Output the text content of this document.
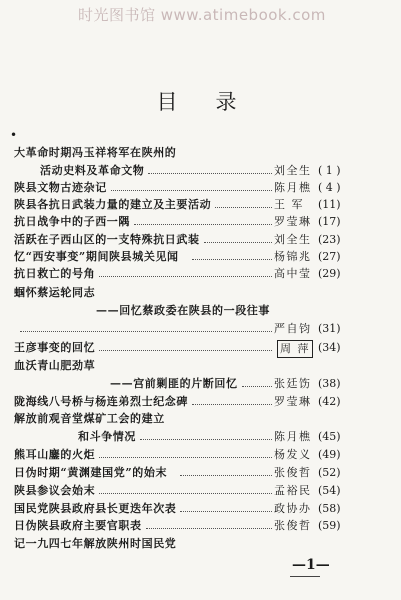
时光图书馆 www.atimebook.com
目录
•
大革命时期冯玉祥将军在陕州的
活动史料及革命文物	刘全生 ( 1 )
陕县文物古迹杂记	陈月樵 ( 4 )
陕县各抗日武装力量的建立及主要活动	王 军 (11)
抗日战争中的子西一隅	罗莹琳 (17)
活跃在子西山区的一支特殊抗日武装	刘全生 (23)
忆“西安事变”期间陕县城关见闻	杨锦兆 (27)
抗日救亡的号角	高中莹 (29)
蝈怀蔡运轮同志
——回忆蔡政委在陕县的一段往事
严自钧 (31)
王彦事变的回忆	周 萍 (34)
血沃青山肥劲草
——宫前剿匪的片断回忆	张廷饬 (38)
陇海线八号桥与杨连弟烈士纪念碑	罗莹琳 (42)
解放前观音堂煤矿工会的建立
和斗争情况	陈月樵 (45)
熊耳山鏖的火炬	杨发义 (49)
日伪时期“黄渊建国党”的始末	张俊哲 (52)
陕县参议会始末	孟裕民 (54)
国民党陕县政府县长更迭年次表	政协办 (58)
日伪陕县政府主要官职表	张俊哲 (59)
记一九四七年解放陕州时国民党
—1—
